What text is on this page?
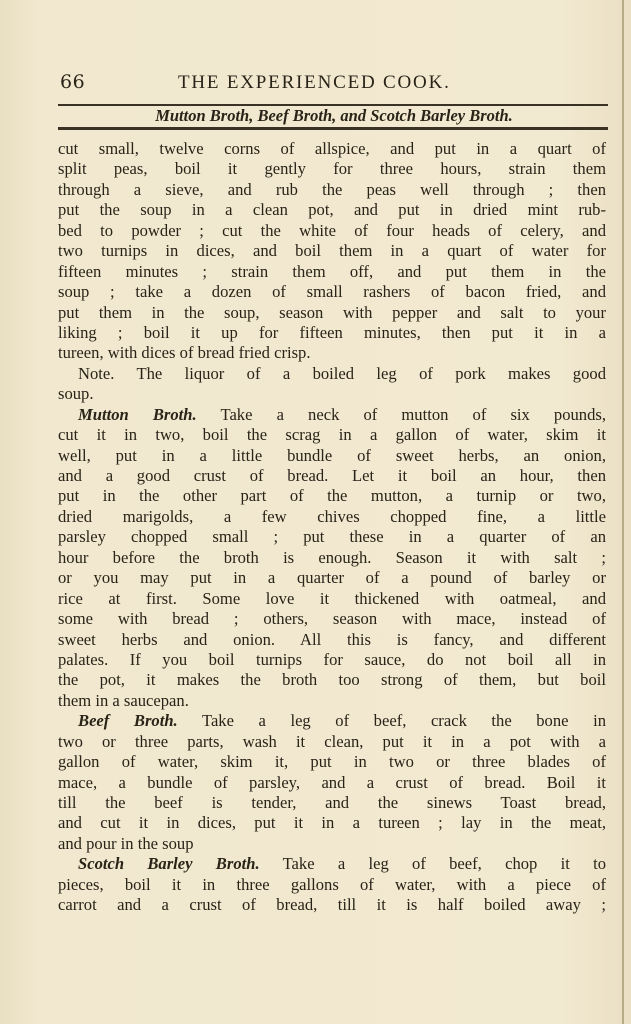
66	THE EXPERIENCED COOK.
Mutton Broth, Beef Broth, and Scotch Barley Broth.
cut small, twelve corns of allspice, and put in a quart of
split peas, boil it gently for three hours, strain them
through a sieve, and rub the peas well through ; then
put the soup in a clean pot, and put in dried mint rub-
bed to powder ; cut the white of four heads of celery, and
two turnips in dices, and boil them in a quart of water for
fifteen minutes ; strain them off, and put them in the
soup ; take a dozen of small rashers of bacon fried, and
put them in the soup, season with pepper and salt to your
liking ; boil it up for fifteen minutes, then put it in a
tureen, with dices of bread fried crisp.
Note. The liquor of a boiled leg of pork makes good
soup.
Mutton Broth. Take a neck of mutton of six pounds,
cut it in two, boil the scrag in a gallon of water, skim it
well, put in a little bundle of sweet herbs, an onion,
and a good crust of bread. Let it boil an hour, then
put in the other part of the mutton, a turnip or two,
dried marigolds, a few chives chopped fine, a little
parsley chopped small ; put these in a quarter of an
hour before the broth is enough. Season it with salt ;
or you may put in a quarter of a pound of barley or
rice at first. Some love it thickened with oatmeal, and
some with bread ; others, season with mace, instead of
sweet herbs and onion. All this is fancy, and different
palates. If you boil turnips for sauce, do not boil all in
the pot, it makes the broth too strong of them, but boil
them in a saucepan.
Beef Broth. Take a leg of beef, crack the bone in
two or three parts, wash it clean, put it in a pot with a
gallon of water, skim it, put in two or three blades of
mace, a bundle of parsley, and a crust of bread. Boil it
till the beef is tender, and the sinews Toast bread,
and cut it in dices, put it in a tureen ; lay in the meat,
and pour in the soup
Scotch Barley Broth. Take a leg of beef, chop it to
pieces, boil it in three gallons of water, with a piece of
carrot and a crust of bread, till it is half boiled away ;
